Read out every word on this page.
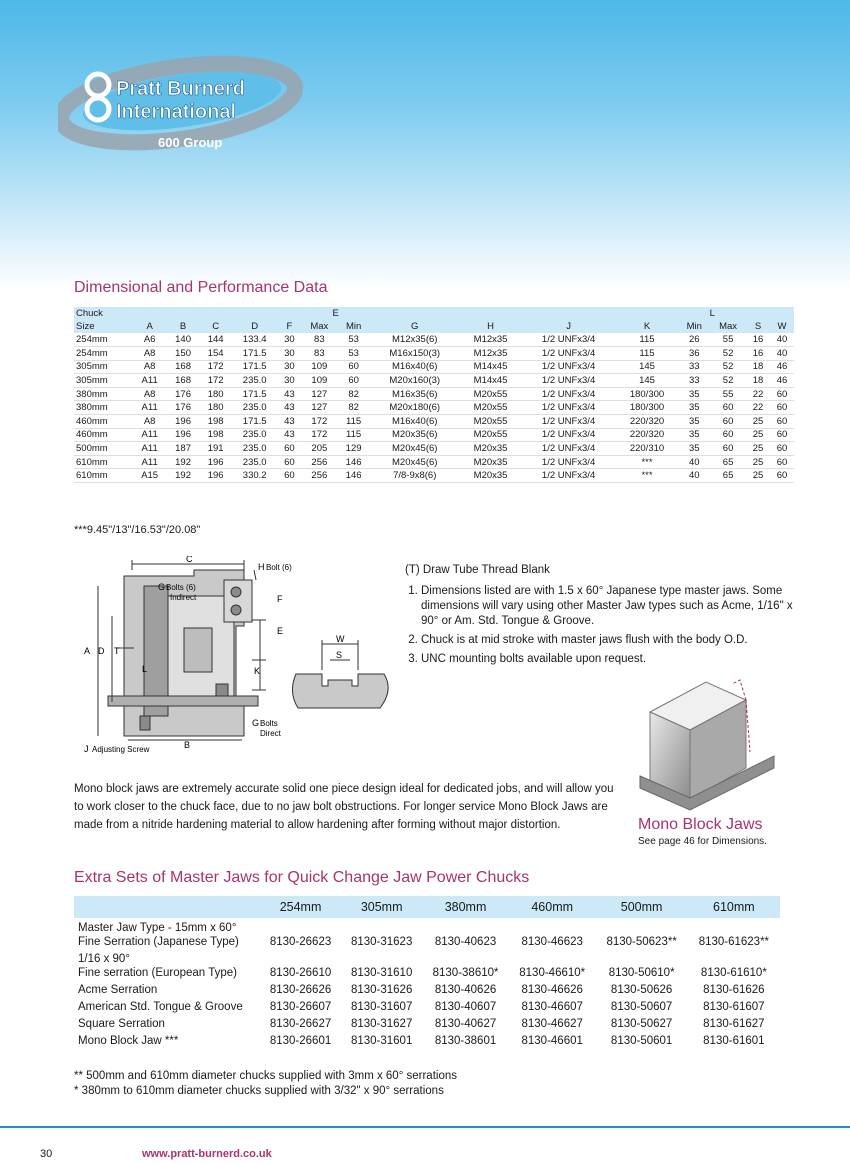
Pratt Burnerd
International
600 Group
Dimensional and Performance Data
Chuck						E						L			
Size	A	B	C	D	F	Max	Min	G	H	J	K	Min	Max	S	W
254mm	A6	140	144	133.4	30	83	53	M12x35(6)	M12x35	1/2 UNFx3/4	115	26	55	16	40
254mm	A8	150	154	171.5	30	83	53	M16x150(3)	M12x35	1/2 UNFx3/4	115	36	52	16	40
305mm	A8	168	172	171.5	30	109	60	M16x40(6)	M14x45	1/2 UNFx3/4	145	33	52	18	46
305mm	A11	168	172	235.0	30	109	60	M20x160(3)	M14x45	1/2 UNFx3/4	145	33	52	18	46
380mm	A8	176	180	171.5	43	127	82	M16x35(6)	M20x55	1/2 UNFx3/4	180/300	35	55	22	60
380mm	A11	176	180	235.0	43	127	82	M20x180(6)	M20x55	1/2 UNFx3/4	180/300	35	60	22	60
460mm	A8	196	198	171.5	43	172	115	M16x40(6)	M20x55	1/2 UNFx3/4	220/320	35	60	25	60
460mm	A11	196	198	235.0	43	172	115	M20x35(6)	M20x55	1/2 UNFx3/4	220/320	35	60	25	60
500mm	A11	187	191	235.0	60	205	129	M20x45(6)	M20x35	1/2 UNFx3/4	220/310	35	60	25	60
610mm	A11	192	196	235.0	60	256	146	M20x45(6)	M20x35	1/2 UNFx3/4	***	40	65	25	60
610mm	A15	192	196	330.2	60	256	146	7/8-9x8(6)	M20x35	1/2 UNFx3/4	***	40	65	25	60
***9.45"/13"/16.53"/20.08"
C
H Bolt (6)
G Bolts (6)
Indirect	F
E
A D T
L	K
G Bolts
Direct
B
J Adjusting Screw
W
S
(T) Draw Tube Thread Blank
1. Dimensions listed are with 1.5 x 60° Japanese type master jaws. Some dimensions will vary using other Master Jaw types such as Acme, 1/16" x 90° or Am. Std. Tongue & Groove.
2. Chuck is at mid stroke with master jaws flush with the body O.D.
3. UNC mounting bolts available upon request.
Mono block jaws are extremely accurate solid one piece design ideal for dedicated jobs, and will allow you to work closer to the chuck face, due to no jaw bolt obstructions. For longer service Mono Block Jaws are made from a nitride hardening material to allow hardening after forming without major distortion.	Mono Block Jaws
See page 46 for Dimensions.
Extra Sets of Master Jaws for Quick Change Jaw Power Chucks
	254mm	305mm	380mm	460mm	500mm	610mm

Master Jaw Type - 15mm x 60°
Fine Serration (Japanese Type)	8130-26623	8130-31623	8130-40623	8130-46623	8130-50623**	8130-61623**

1/16 x 90°
Fine serration (European Type)	8130-26610	8130-31610	8130-38610*	8130-46610*	8130-50610*	8130-61610*

Acme Serration	8130-26626	8130-31626	8130-40626	8130-46626	8130-50626	8130-61626

American Std. Tongue & Groove	8130-26607	8130-31607	8130-40607	8130-46607	8130-50607	8130-61607

Square Serration	8130-26627	8130-31627	8130-40627	8130-46627	8130-50627	8130-61627

Mono Block Jaw ***	8130-26601	8130-31601	8130-38601	8130-46601	8130-50601	8130-61601
** 500mm and 610mm diameter chucks supplied with 3mm x 60° serrations
* 380mm to 610mm diameter chucks supplied with 3/32" x 90° serrations
30	www.pratt-burnerd.co.uk
